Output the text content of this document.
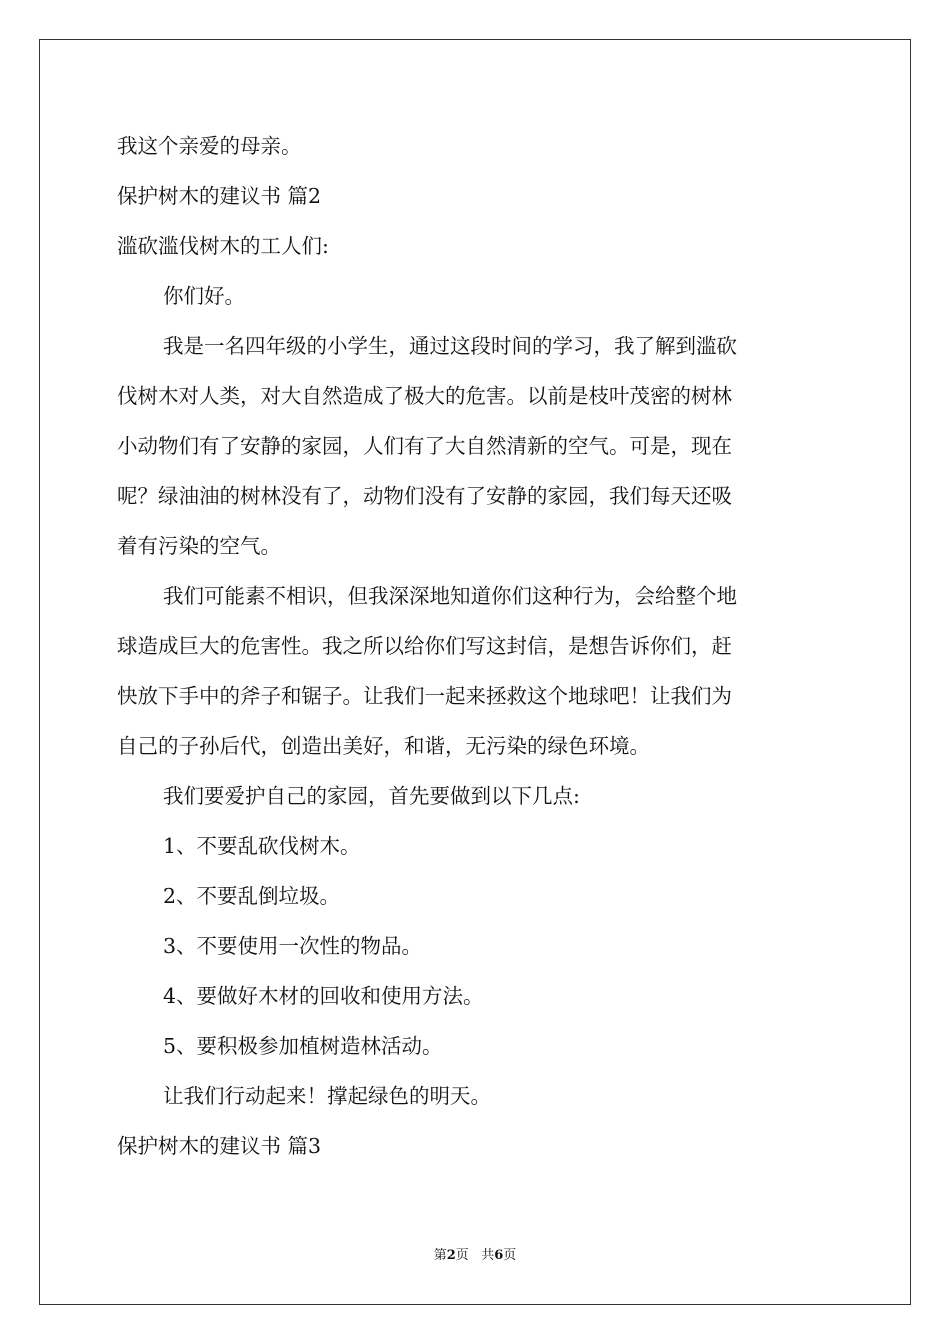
我这个亲爱的母亲。
保护树木的建议书 篇2
滥砍滥伐树木的工人们:
你们好。
我是一名四年级的小学生，通过这段时间的学习，我了解到滥砍
伐树木对人类，对大自然造成了极大的危害。以前是枝叶茂密的树林
小动物们有了安静的家园，人们有了大自然清新的空气。可是，现在
呢？绿油油的树林没有了，动物们没有了安静的家园，我们每天还吸
着有污染的空气。
我们可能素不相识，但我深深地知道你们这种行为，会给整个地
球造成巨大的危害性。我之所以给你们写这封信，是想告诉你们，赶
快放下手中的斧子和锯子。让我们一起来拯救这个地球吧！让我们为
自己的子孙后代，创造出美好，和谐，无污染的绿色环境。
我们要爱护自己的家园，首先要做到以下几点:
1、不要乱砍伐树木。
2、不要乱倒垃圾。
3、不要使用一次性的物品。
4、要做好木材的回收和使用方法。
5、要积极参加植树造林活动。
让我们行动起来！撑起绿色的明天。
保护树木的建议书 篇3
第2页 共6页
